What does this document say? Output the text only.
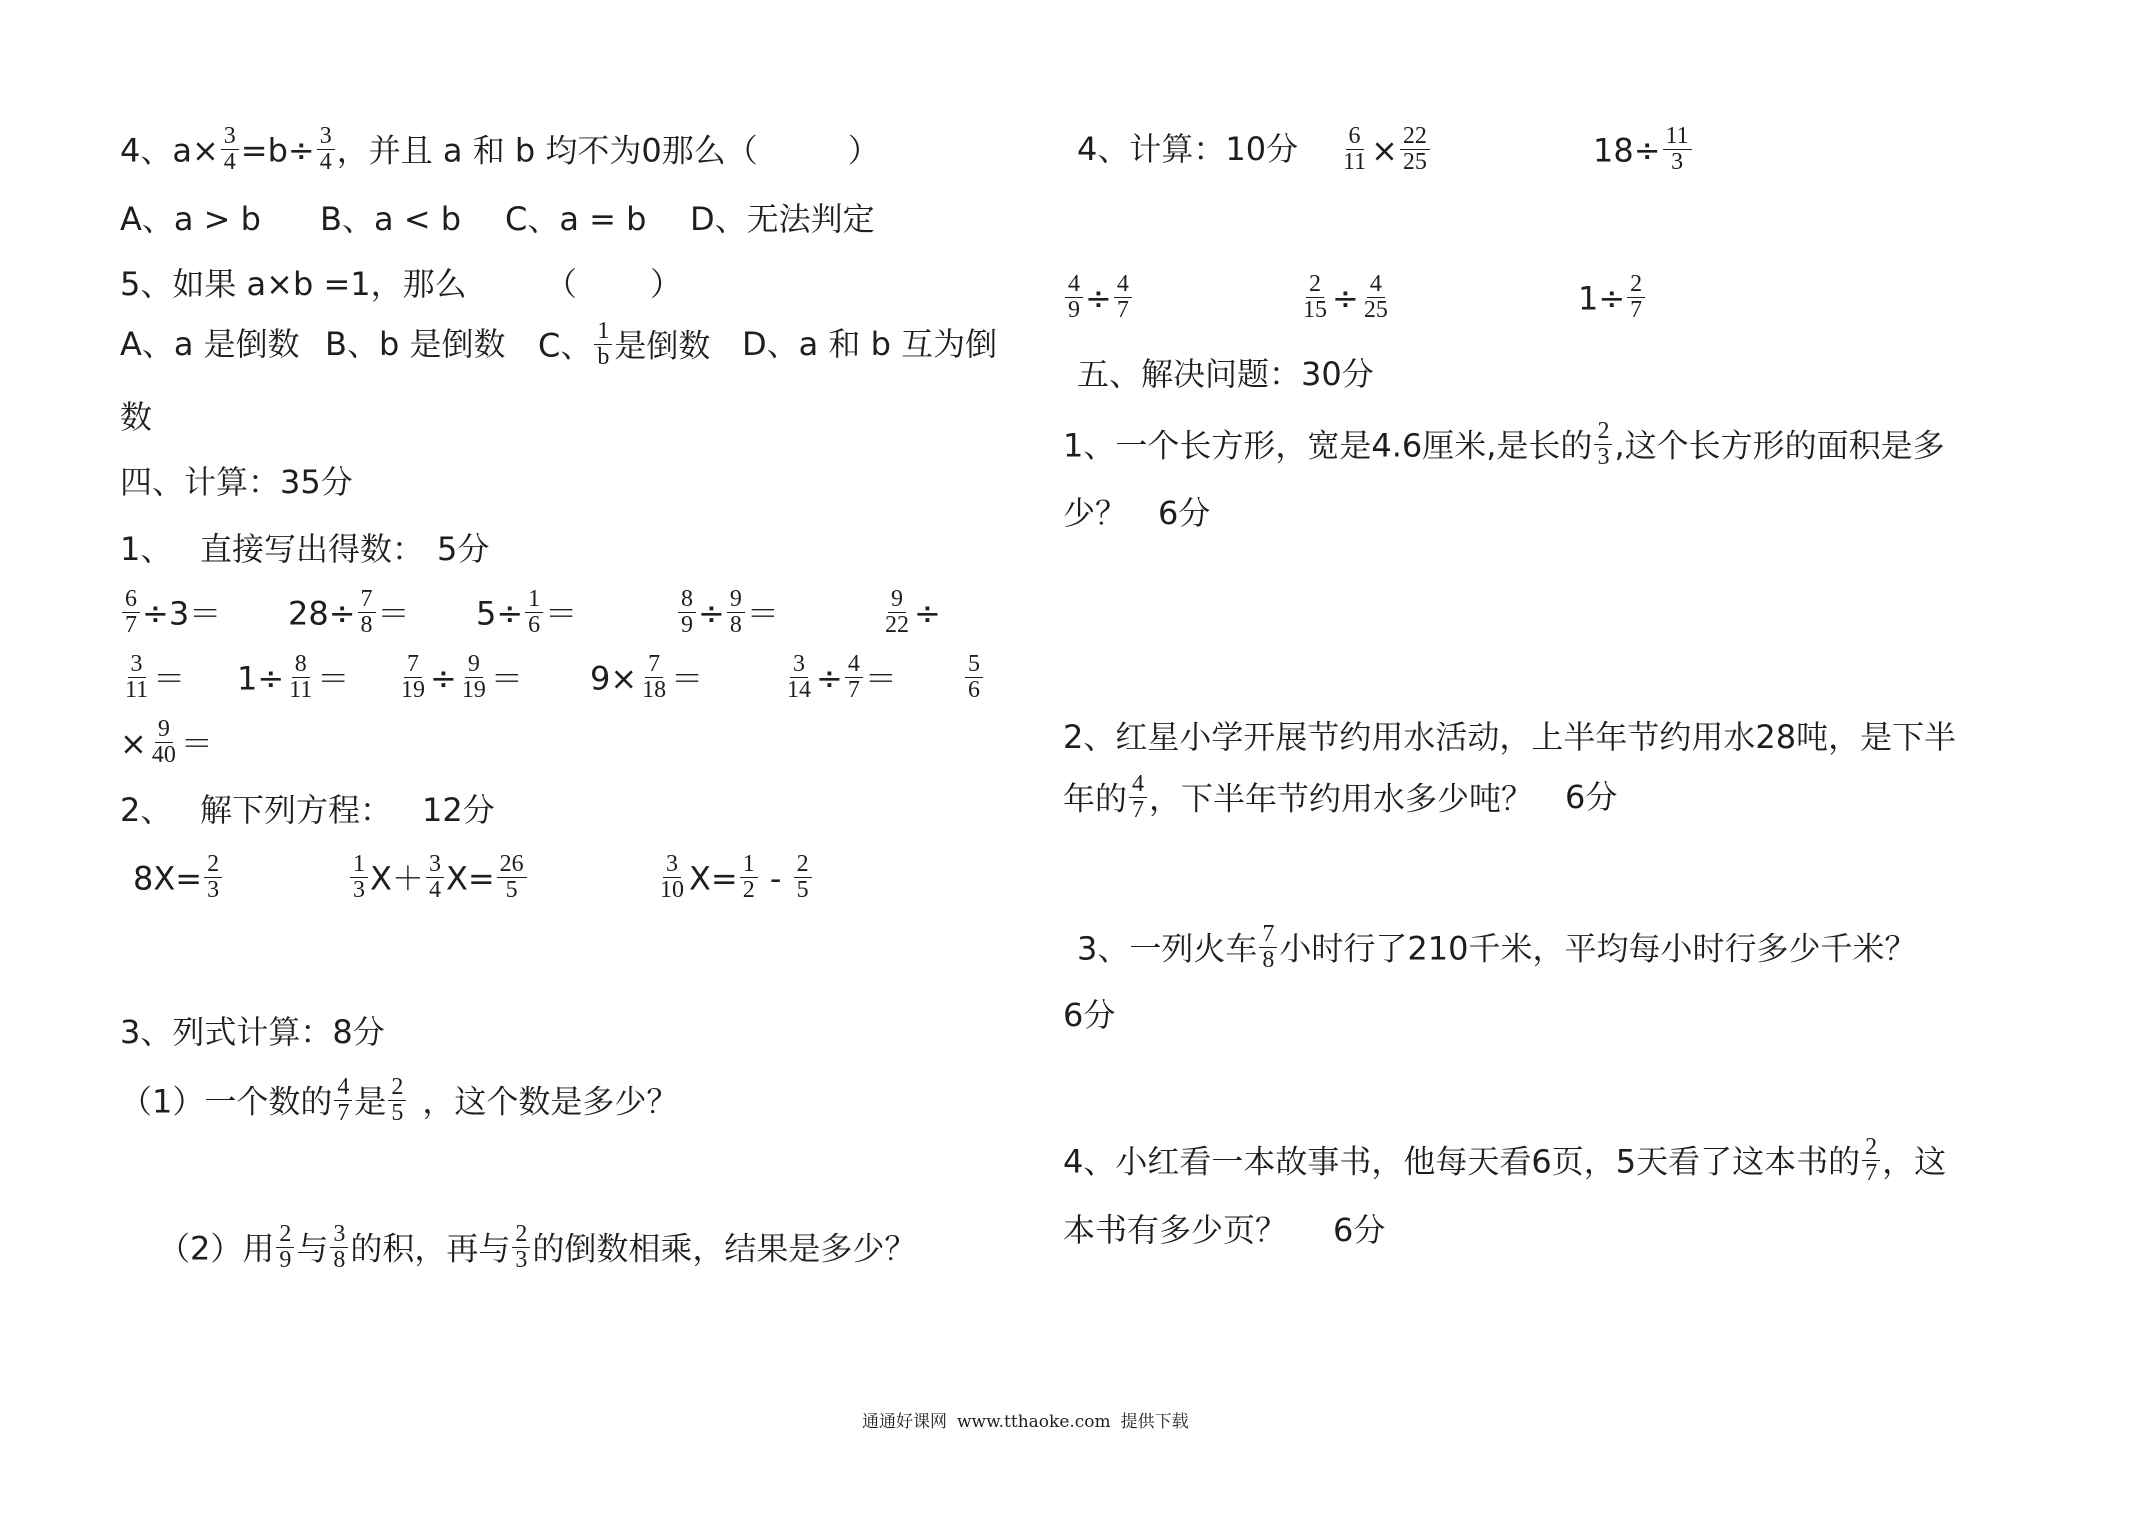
4、$a\times \frac{3}{4} =b\div \frac{3}{4}$ ，并且 a 和 b 均不为0那么（	）
A、a > b B、a < b C、a = b D、无法判定
5、如果 a×b =1，那么 （ ）
A、a 是倒数 B、b 是倒数 C、 $\frac{1}{b}$ 是倒数 D、a 和 b 互为倒
数
四、计算：35分
1、 直接写出得数： 5分
$\frac{6}{7} \div 3= 28\div \frac{7}{8} = 5\div \frac{1}{6}$ ＝	$\frac{8}{9} \div \frac{9}{8}$ ＝	$\frac{9}{22}$ ÷
$\frac{3}{11} = 1\div \frac{8}{11} = \frac{7}{19} \div \frac{9}{19} = 9\times \frac{7}{18}$ ＝	$\frac{3}{14} \div \frac{4}{7}$ ＝	$\frac{5}{6}$
× $\frac{9}{40}$ ＝
2、 解下列方程： 12分
$8X= \frac{2}{3}$	$\frac{1}{3} X+ \frac{3}{4} X= \frac{26}{5}$	$\frac{3}{10} X= \frac{1}{2} - \frac{2}{5}$
3、列式计算：8分
（1）一个数的 $\frac{4}{7}$ 是 $\frac{2}{5}$ ，这个数是多少？
（2）用 $\frac{2}{9}$ 与 $\frac{3}{8}$ 的积，再与 $\frac{2}{3}$ 的倒数相乘，结果是多少？
4、计算：10分 $\frac{6}{11} \times \frac{22}{25}$	$18\div \frac{11}{3}$
$\frac{4}{9} \div \frac{4}{7}$	$\frac{2}{15} \div \frac{4}{25}$	$1\div \frac{2}{7}$
五、解决问题：30分
1、一个长方形，宽是4.6厘米,是长的 $\frac{2}{3}$ ,这个长方形的面积是多
少？ 6分
2、红星小学开展节约用水活动，上半年节约用水28吨，是下半
年的 $\frac{4}{7}$ ，下半年节约用水多少吨？ 6分
3、一列火车 $\frac{7}{8}$ 小时行了210千米，平均每小时行多少千米？
6分
4、小红看一本故事书，他每天看6页，5天看了这本书的 $\frac{2}{7}$ ，这
本书有多少页？ 6分
通通好课网 www.tthaoke.com 提供下载
